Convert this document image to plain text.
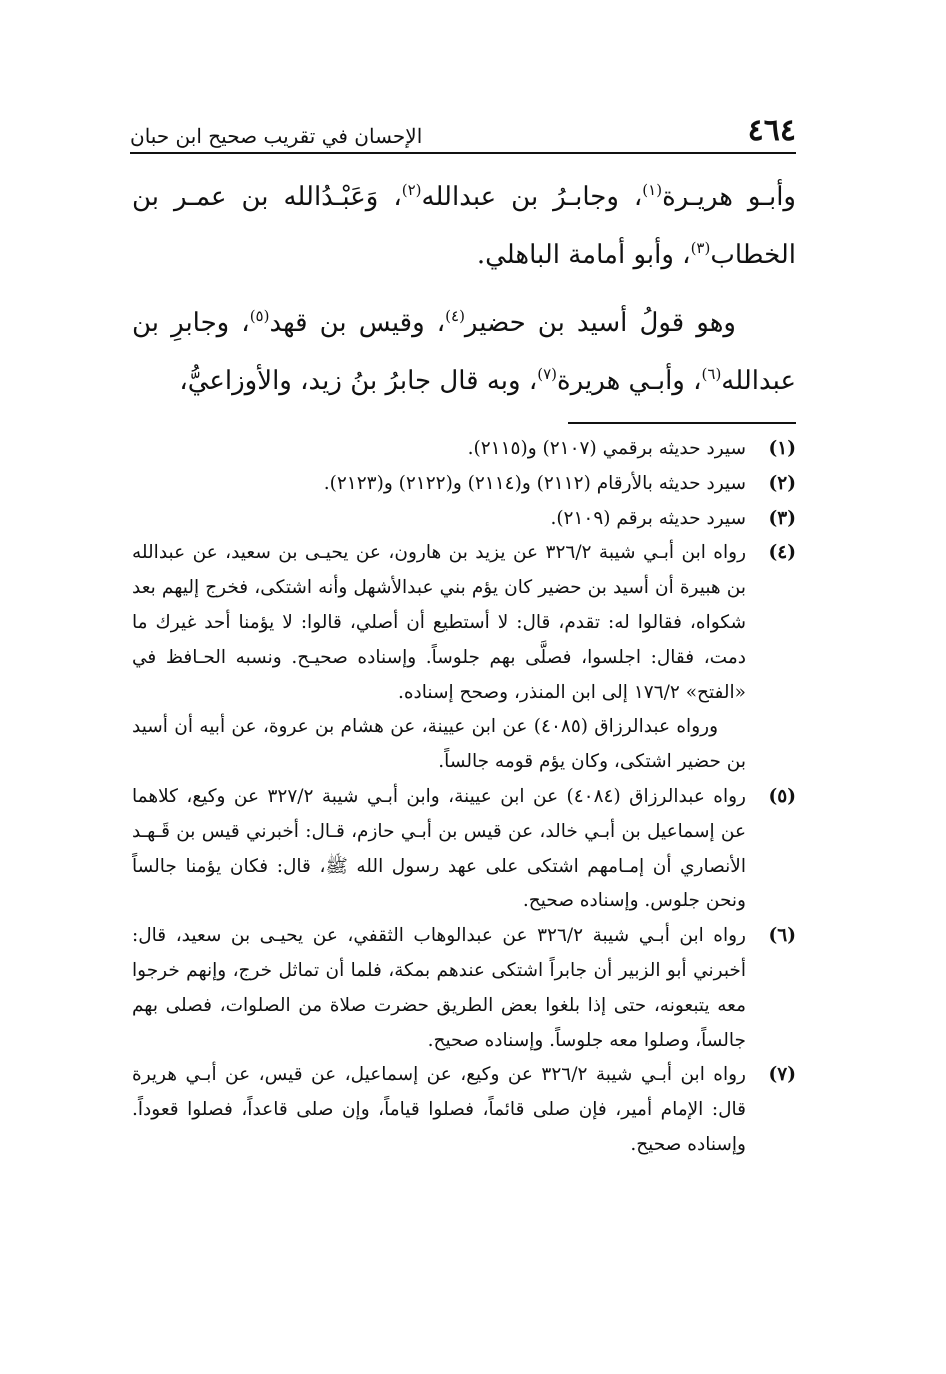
٤٦٤
الإحسان في تقريب صحيح ابن حبان

وأبـو هريـرة$^{(١)}$، وجابـرُ بن عبدالله$^{(٢)}$، وَعَبْـدُالله بن عمـر بن الخطاب$^{(٣)}$، وأبو أمامة الباهلي.

وهو قولُ أسيد بن حضير$^{(٤)}$، وقيس بن قهد$^{(٥)}$، وجابرِ بن عبدالله$^{(٦)}$، وأبـي هريرة$^{(٧)}$، وبه قال جابرُ بنُ زيد، والأوزاعيُّ،

(١)
سيرد حديثه برقمي (٢١٠٧) و(٢١١٥).
(٢)
سيرد حديثه بالأرقام (٢١١٢) و(٢١١٤) و(٢١٢٢) و(٢١٢٣).
(٣)
سيرد حديثه برقم (٢١٠٩).
(٤)
رواه ابن أبـي شيبة ٣٢٦/٢ عن يزيد بن هارون، عن يحيـى بن سعيد، عن عبدالله بن هبيرة أن أسيد بن حضير كان يؤم بني عبدالأشهل وأنه اشتكى، فخرج إليهم بعد شكواه، فقالوا له: تقدم، قال: لا أستطيع أن أصلي، قالوا: لا يؤمنا أحد غيرك ما دمت، فقال: اجلسوا، فصلَّى بهم جلوساً. وإسناده صحيـح. ونسبه الحـافظ في «الفتح» ١٧٦/٢ إلى ابن المنذر، وصحح إسناده.
ورواه عبدالرزاق (٤٠٨٥) عن ابن عيينة، عن هشام بن عروة، عن أبيه أن أسيد بن حضير اشتكى، وكان يؤم قومه جالساً.
(٥)
رواه عبدالرزاق (٤٠٨٤) عن ابن عيينة، وابن أبـي شيبة ٣٢٧/٢ عن وكيع، كلاهما عن إسماعيل بن أبـي خالد، عن قيس بن أبـي حازم، قـال: أخبرني قيس بن قَـهـد الأنصاري أن إمـامهم اشتكى على عهد رسول الله ﷺ، قال: فكان يؤمنا جالساً ونحن جلوس. وإسناده صحيح.
(٦)
رواه ابن أبـي شيبة ٣٢٦/٢ عن عبدالوهاب الثقفي، عن يحيـى بن سعيد، قال: أخبرني أبو الزبير أن جابراً اشتكى عندهم بمكة، فلما أن تماثل خرج، وإنهم خرجوا معه يتبعونه، حتى إذا بلغوا بعض الطريق حضرت صلاة من الصلوات، فصلى بهم جالساً، وصلوا معه جلوساً. وإسناده صحيح.
(٧)
رواه ابن أبـي شيبة ٣٢٦/٢ عن وكيع، عن إسماعيل، عن قيس، عن أبـي هريرة قال: الإمام أمير، فإن صلى قائماً، فصلوا قياماً، وإن صلى قاعداً، فصلوا قعوداً. وإسناده صحيح.
